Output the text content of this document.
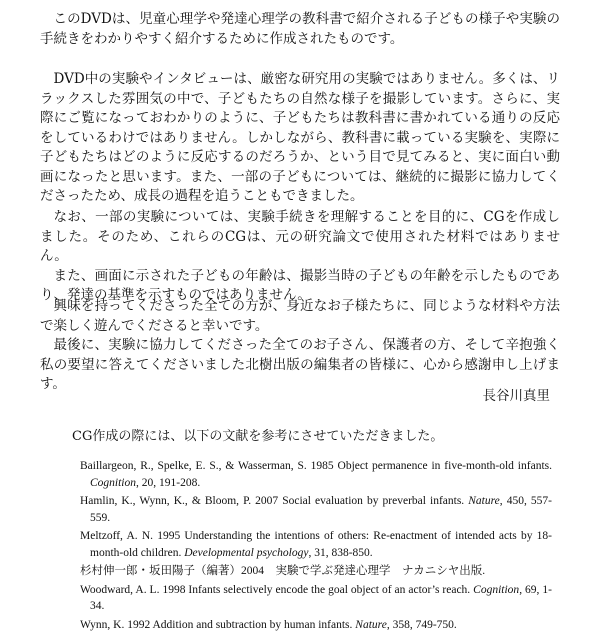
このDVDは、児童心理学や発達心理学の教科書で紹介される子どもの様子や実験の手続きをわかりやすく紹介するために作成されたものです。

DVD中の実験やインタビューは、厳密な研究用の実験ではありません。多くは、リラックスした雰囲気の中で、子どもたちの自然な様子を撮影しています。さらに、実際にご覧になっておわかりのように、子どもたちは教科書に書かれている通りの反応をしているわけではありません。しかしながら、教科書に載っている実験を、実際に子どもたちはどのように反応するのだろうか、という目で見てみると、実に面白い動画になったと思います。また、一部の子どもについては、継続的に撮影に協力してくださったため、成長の過程を追うこともできました。

なお、一部の実験については、実験手続きを理解することを目的に、CGを作成しました。そのため、これらのCGは、元の研究論文で使用された材料ではありません。

また、画面に示された子どもの年齢は、撮影当時の子どもの年齢を示したものであり、発達の基準を示すものではありません。

興味を持ってくださった全ての方が、身近なお子様たちに、同じような材料や方法で楽しく遊んでくださると幸いです。

最後に、実験に協力してくださった全てのお子さん、保護者の方、そして辛抱強く私の要望に答えてくださいました北樹出版の編集者の皆様に、心から感謝申し上げます。

長谷川真里
CG作成の際には、以下の文献を参考にさせていただきました。

Baillargeon, R., Spelke, E. S., & Wasserman, S. 1985 Object permanence in five-month-old infants. Cognition, 20, 191-208.

Hamlin, K., Wynn, K., & Bloom, P. 2007 Social evaluation by preverbal infants. Nature, 450, 557-559.

Meltzoff, A. N. 1995 Understanding the intentions of others: Re-enactment of intended acts by 18-month-old children. Developmental psychology, 31, 838-850.

杉村伸一郎・坂田陽子（編著）2004　実験で学ぶ発達心理学　ナカニシヤ出版.

Woodward, A. L. 1998 Infants selectively encode the goal object of an actor’s reach. Cognition, 69, 1-34.

Wynn, K. 1992 Addition and subtraction by human infants. Nature, 358, 749-750.
